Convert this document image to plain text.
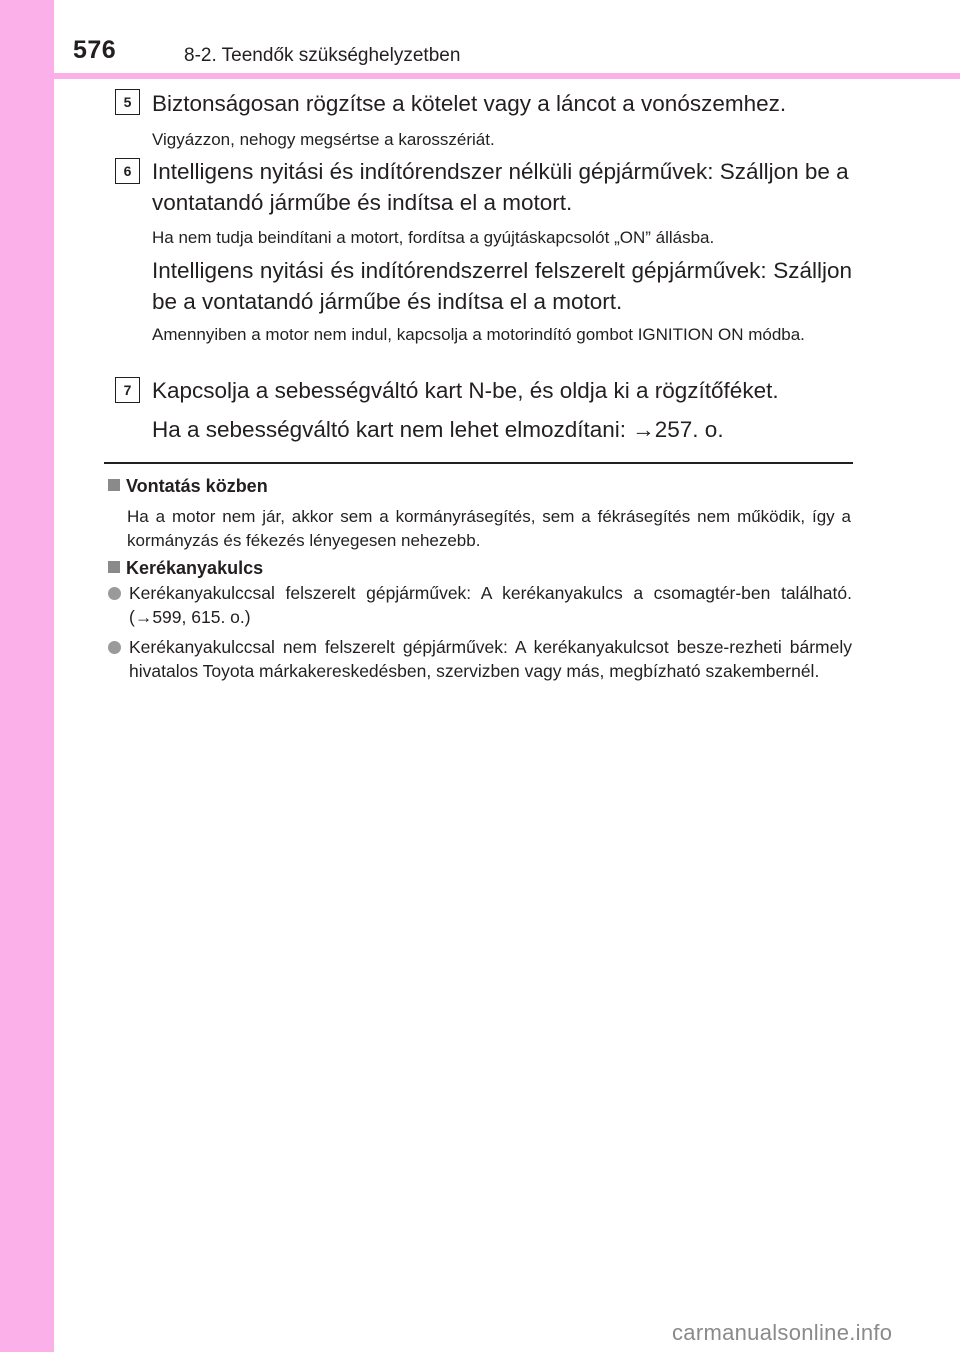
576	8-2. Teendők szükséghelyzetben
5 Biztonságosan rögzítse a kötelet vagy a láncot a vonószemhez.
Vigyázzon, nehogy megsértse a karosszériát.
6 Intelligens nyitási és indítórendszer nélküli gépjárművek: Szálljon be a vontatandó járműbe és indítsa el a motort.
Ha nem tudja beindítani a motort, fordítsa a gyújtáskapcsolót „ON” állásba.
Intelligens nyitási és indítórendszerrel felszerelt gépjárművek: Szálljon be a vontatandó járműbe és indítsa el a motort.
Amennyiben a motor nem indul, kapcsolja a motorindító gombot IGNITION ON módba.
7 Kapcsolja a sebességváltó kart N-be, és oldja ki a rögzítőféket.
Ha a sebességváltó kart nem lehet elmozdítani: →257. o.
Vontatás közben
Ha a motor nem jár, akkor sem a kormányrásegítés, sem a fékrásegítés nem működik, így a kormányzás és fékezés lényegesen nehezebb.
Kerékanyakulcs
Kerékanyakulccsal felszerelt gépjárművek: A kerékanyakulcs a csomagtér-ben található. (→599, 615. o.)
Kerékanyakulccsal nem felszerelt gépjárművek: A kerékanyakulcsot besze-rezheti bármely hivatalos Toyota márkakereskedésben, szervizben vagy más, megbízható szakembernél.
carmanualsonline.info
